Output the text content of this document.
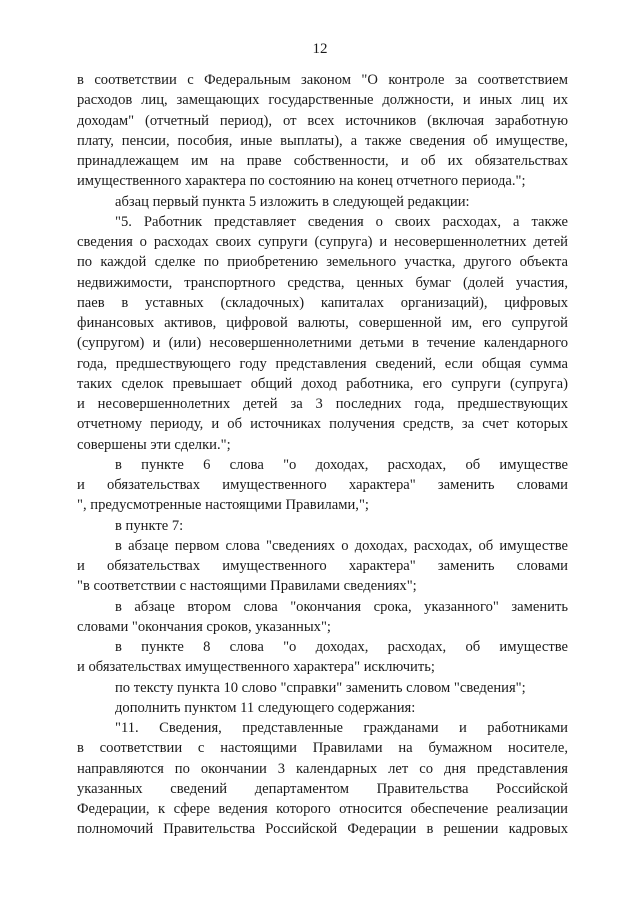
12
в соответствии с Федеральным законом "О контроле за соответствием
расходов лиц, замещающих государственные должности, и иных лиц их
доходам" (отчетный период), от всех источников (включая заработную
плату, пенсии, пособия, иные выплаты), а также сведения об имуществе,
принадлежащем им на праве собственности, и об их обязательствах
имущественного характера по состоянию на конец отчетного периода.";
абзац первый пункта 5 изложить в следующей редакции:
"5. Работник представляет сведения о своих расходах, а также
сведения о расходах своих супруги (супруга) и несовершеннолетних детей
по каждой сделке по приобретению земельного участка, другого объекта
недвижимости, транспортного средства, ценных бумаг (долей участия,
паев в уставных (складочных) капиталах организаций), цифровых
финансовых активов, цифровой валюты, совершенной им, его супругой
(супругом) и (или) несовершеннолетними детьми в течение календарного
года, предшествующего году представления сведений, если общая сумма
таких сделок превышает общий доход работника, его супруги (супруга)
и несовершеннолетних детей за 3 последних года, предшествующих
отчетному периоду, и об источниках получения средств, за счет которых
совершены эти сделки.";
в пункте 6 слова "о доходах, расходах, об имуществе
и обязательствах имущественного характера" заменить словами
", предусмотренные настоящими Правилами,";
в пункте 7:
в абзаце первом слова "сведениях о доходах, расходах, об имуществе
и обязательствах имущественного характера" заменить словами
"в соответствии с настоящими Правилами сведениях";
в абзаце втором слова "окончания срока, указанного" заменить
словами "окончания сроков, указанных";
в пункте 8 слова "о доходах, расходах, об имуществе
и обязательствах имущественного характера" исключить;
по тексту пункта 10 слово "справки" заменить словом "сведения";
дополнить пунктом 11 следующего содержания:
"11. Сведения, представленные гражданами и работниками
в соответствии с настоящими Правилами на бумажном носителе,
направляются по окончании 3 календарных лет со дня представления
указанных сведений департаментом Правительства Российской
Федерации, к сфере ведения которого относится обеспечение реализации
полномочий Правительства Российской Федерации в решении кадровых
